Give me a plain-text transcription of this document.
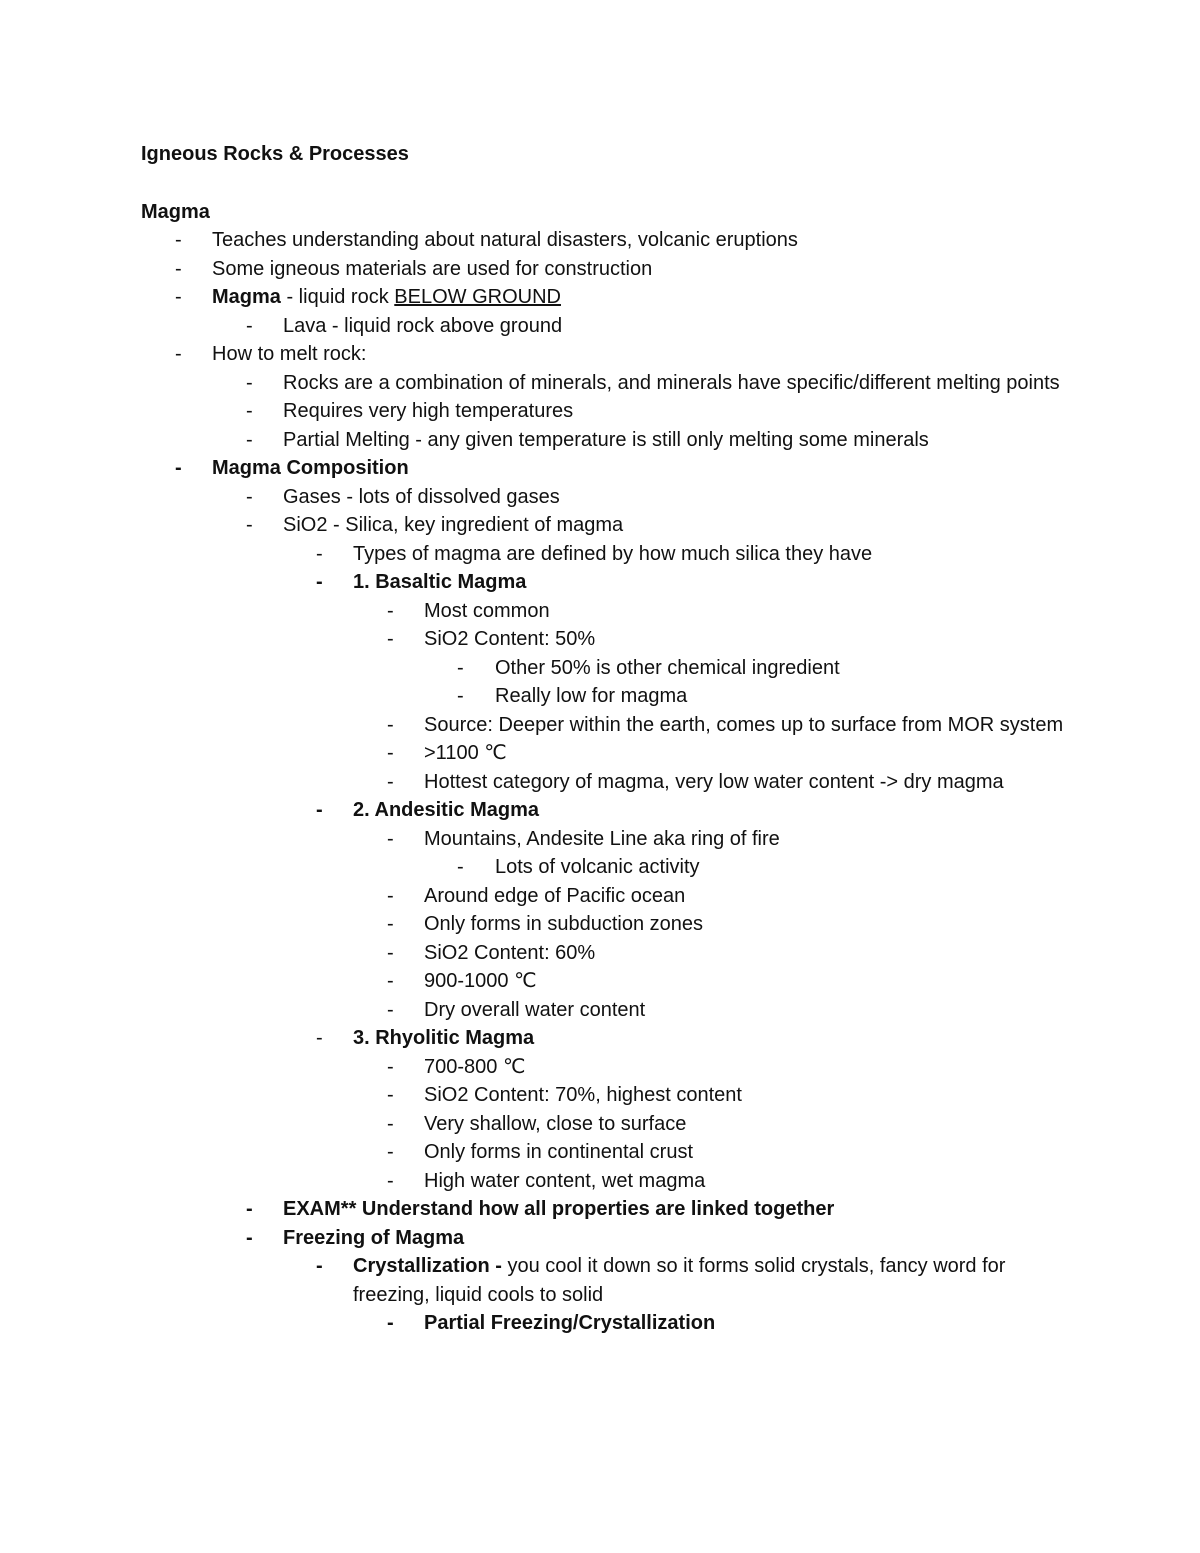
Igneous Rocks & Processes
Magma
-	Teaches understanding about natural disasters, volcanic eruptions
-	Some igneous materials are used for construction
-	Magma - liquid rock BELOW GROUND
-	Lava - liquid rock above ground
-	How to melt rock:
-	Rocks are a combination of minerals, and minerals have specific/different melting points
-	Requires very high temperatures
-	Partial Melting - any given temperature is still only melting some minerals
-	Magma Composition
-	Gases - lots of dissolved gases
-	SiO2 - Silica, key ingredient of magma
-	Types of magma are defined by how much silica they have
-	1. Basaltic Magma
-	Most common
-	SiO2 Content: 50%
-	Other 50% is other chemical ingredient
-	Really low for magma
-	Source: Deeper within the earth, comes up to surface from MOR system
-	>1100 ℃
-	Hottest category of magma, very low water content -> dry magma
-	2. Andesitic Magma
-	Mountains, Andesite Line aka ring of fire
-	Lots of volcanic activity
-	Around edge of Pacific ocean
-	Only forms in subduction zones
-	SiO2 Content: 60%
-	900-1000 ℃
-	Dry overall water content
-	3. Rhyolitic Magma
-	700-800 ℃
-	SiO2 Content: 70%, highest content
-	Very shallow, close to surface
-	Only forms in continental crust
-	High water content, wet magma
-	EXAM** Understand how all properties are linked together
-	Freezing of Magma
-	Crystallization - you cool it down so it forms solid crystals, fancy word for freezing, liquid cools to solid
-	Partial Freezing/Crystallization
